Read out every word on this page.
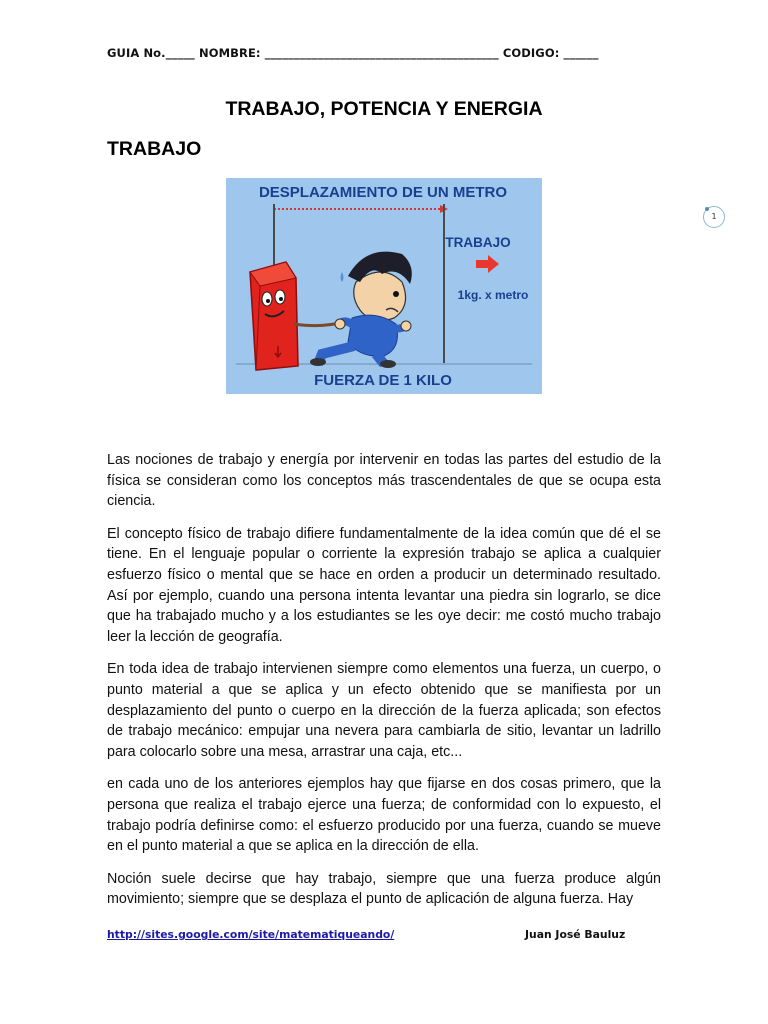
GUIA No._____ NOMBRE: ________________________________________ CODIGO: ______
TRABAJO, POTENCIA Y ENERGIA
TRABAJO
DESPLAZAMIENTO DE UN METRO
TRABAJO
1kg. x metro
FUERZA DE 1 KILO
1

Las nociones de trabajo y energía por intervenir en todas las partes del estudio de la física se consideran como los conceptos más trascendentales de que se ocupa esta ciencia.

El concepto físico de trabajo difiere fundamentalmente de la idea común que dé el se tiene. En el lenguaje popular o corriente la expresión trabajo se aplica a cualquier esfuerzo físico o mental que se hace en orden a producir un determinado resultado. Así por ejemplo, cuando una persona intenta levantar una piedra sin lograrlo, se dice que ha trabajado mucho y a los estudiantes se les oye decir: me costó mucho trabajo leer la lección de geografía.

En toda idea de trabajo intervienen siempre como elementos una fuerza, un cuerpo, o punto material a que se aplica y un efecto obtenido que se manifiesta por un desplazamiento del punto o cuerpo en la dirección de la fuerza aplicada; son efectos de trabajo mecánico: empujar una nevera para cambiarla de sitio, levantar un ladrillo para colocarlo sobre una mesa, arrastrar una caja, etc...

en cada uno de los anteriores ejemplos hay que fijarse en dos cosas primero, que la persona que realiza el trabajo ejerce una fuerza; de conformidad con lo expuesto, el trabajo podría definirse como: el esfuerzo producido por una fuerza, cuando se mueve en el punto material a que se aplica en la dirección de ella.

Noción suele decirse que hay trabajo, siempre que una fuerza produce algún movimiento; siempre que se desplaza el punto de aplicación de alguna fuerza. Hay

http://sites.google.com/site/matematiqueando/	Juan José Bauluz
